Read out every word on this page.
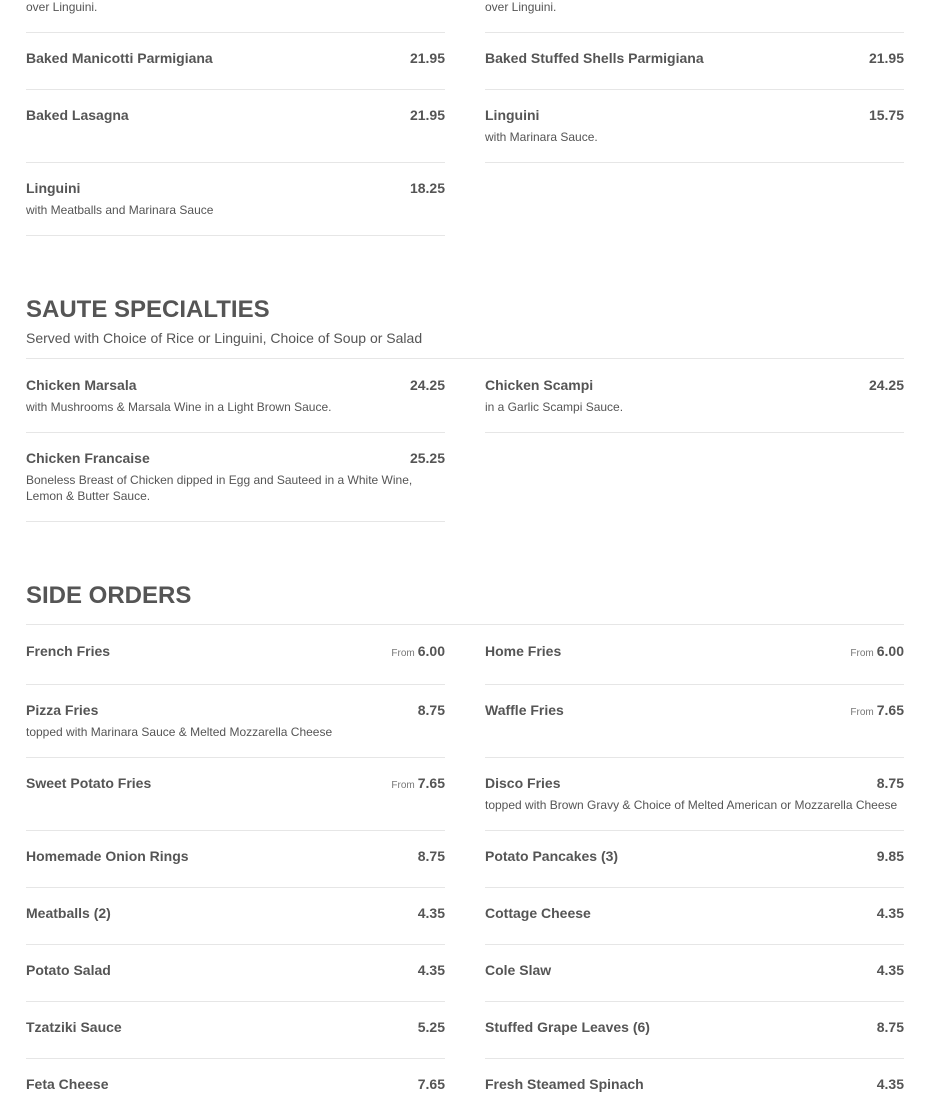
over Linguini.	over Linguini.
Baked Manicotti Parmigiana	21.95	Baked Stuffed Shells Parmigiana	21.95
Baked Lasagna	21.95	Linguini	15.75
with Marinara Sauce.
Linguini	18.25
with Meatballs and Marinara Sauce
SAUTE SPECIALTIES
Served with Choice of Rice or Linguini, Choice of Soup or Salad
Chicken Marsala	24.25
with Mushrooms & Marsala Wine in a Light Brown Sauce.
Chicken Scampi	24.25
in a Garlic Scampi Sauce.
Chicken Francaise	25.25
Boneless Breast of Chicken dipped in Egg and Sauteed in a White Wine, Lemon & Butter Sauce.
SIDE ORDERS
French Fries	From 6.00	Home Fries	From 6.00
Pizza Fries	8.75
topped with Marinara Sauce & Melted Mozzarella Cheese
Waffle Fries	From 7.65
Sweet Potato Fries	From 7.65	Disco Fries	8.75
topped with Brown Gravy & Choice of Melted American or Mozzarella Cheese
Homemade Onion Rings	8.75	Potato Pancakes (3)	9.85
Meatballs (2)	4.35	Cottage Cheese	4.35
Potato Salad	4.35	Cole Slaw	4.35
Tzatziki Sauce	5.25	Stuffed Grape Leaves (6)	8.75
Feta Cheese	7.65	Fresh Steamed Spinach	4.35
